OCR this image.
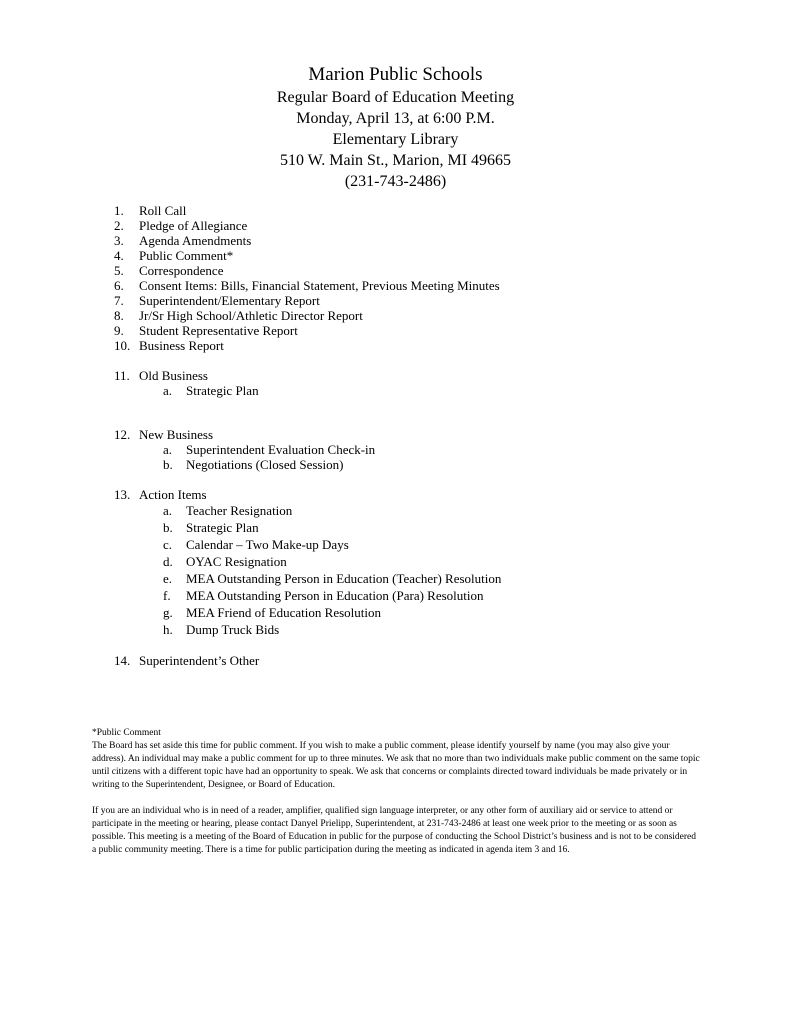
Marion Public Schools
Regular Board of Education Meeting
Monday, April 13, at 6:00 P.M.
Elementary Library
510 W. Main St., Marion, MI 49665
(231-743-2486)
1.	Roll Call
2.	Pledge of Allegiance
3.	Agenda Amendments
4.	Public Comment*
5.	Correspondence
6.	Consent Items: Bills, Financial Statement, Previous Meeting Minutes
7.	Superintendent/Elementary Report
8.	Jr/Sr High School/Athletic Director Report
9.	Student Representative Report
10. Business Report
11. Old Business
a. Strategic Plan
12. New Business
a. Superintendent Evaluation Check-in
b. Negotiations (Closed Session)
13. Action Items
a. Teacher Resignation
b. Strategic Plan
c. Calendar – Two Make-up Days
d. OYAC Resignation
e. MEA Outstanding Person in Education (Teacher) Resolution
f. MEA Outstanding Person in Education (Para) Resolution
g. MEA Friend of Education Resolution
h. Dump Truck Bids
14. Superintendent’s Other

*Public Comment

The Board has set aside this time for public comment. If you wish to make a public comment, please identify yourself by name (you may also give your address). An individual may make a public comment for up to three minutes. We ask that no more than two individuals make public comment on the same topic until citizens with a different topic have had an opportunity to speak. We ask that concerns or complaints directed toward individuals be made privately or in writing to the Superintendent, Designee, or Board of Education.

If you are an individual who is in need of a reader, amplifier, qualified sign language interpreter, or any other form of auxiliary aid or service to attend or participate in the meeting or hearing, please contact Danyel Prielipp, Superintendent, at 231-743-2486 at least one week prior to the meeting or as soon as possible. This meeting is a meeting of the Board of Education in public for the purpose of conducting the School District’s business and is not to be considered a public community meeting. There is a time for public participation during the meeting as indicated in agenda item 3 and 16.
